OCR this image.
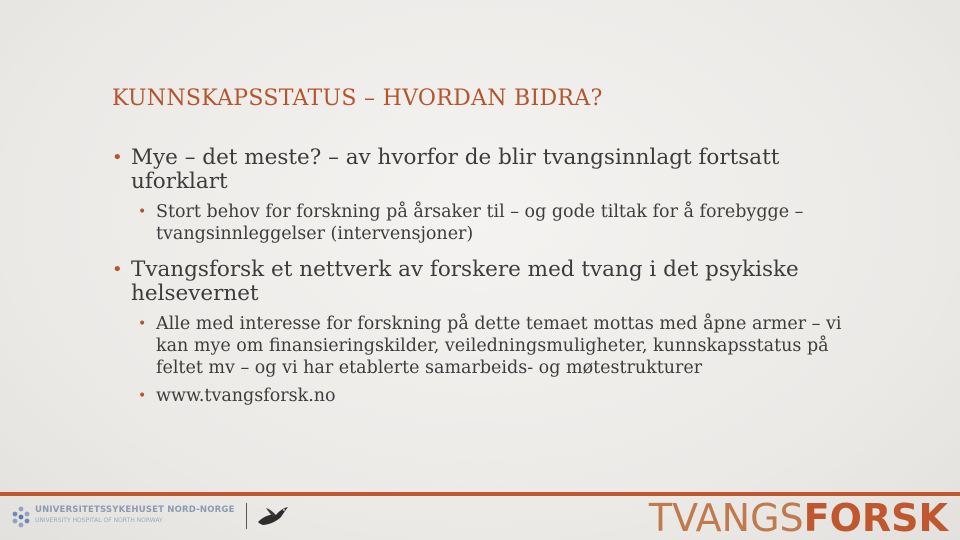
KUNNSKAPSSTATUS – HVORDAN BIDRA?
• Mye – det meste? – av hvorfor de blir tvangsinnlagt fortsatt uforklart
• Stort behov for forskning på årsaker til – og gode tiltak for å forebygge – tvangsinnleggelser (intervensjoner)
• Tvangsforsk et nettverk av forskere med tvang i det psykiske helsevernet
• Alle med interesse for forskning på dette temaet mottas med åpne armer – vi kan mye om finansieringskilder, veiledningsmuligheter, kunnskapsstatus på feltet mv – og vi har etablerte samarbeids- og møtestrukturer
• www.tvangsforsk.no
UNIVERSITETSSYKEHUSET NORD-NORGE
UNIVERSITY HOSPITAL OF NORTH NORWAY	TVANGSFORSK
